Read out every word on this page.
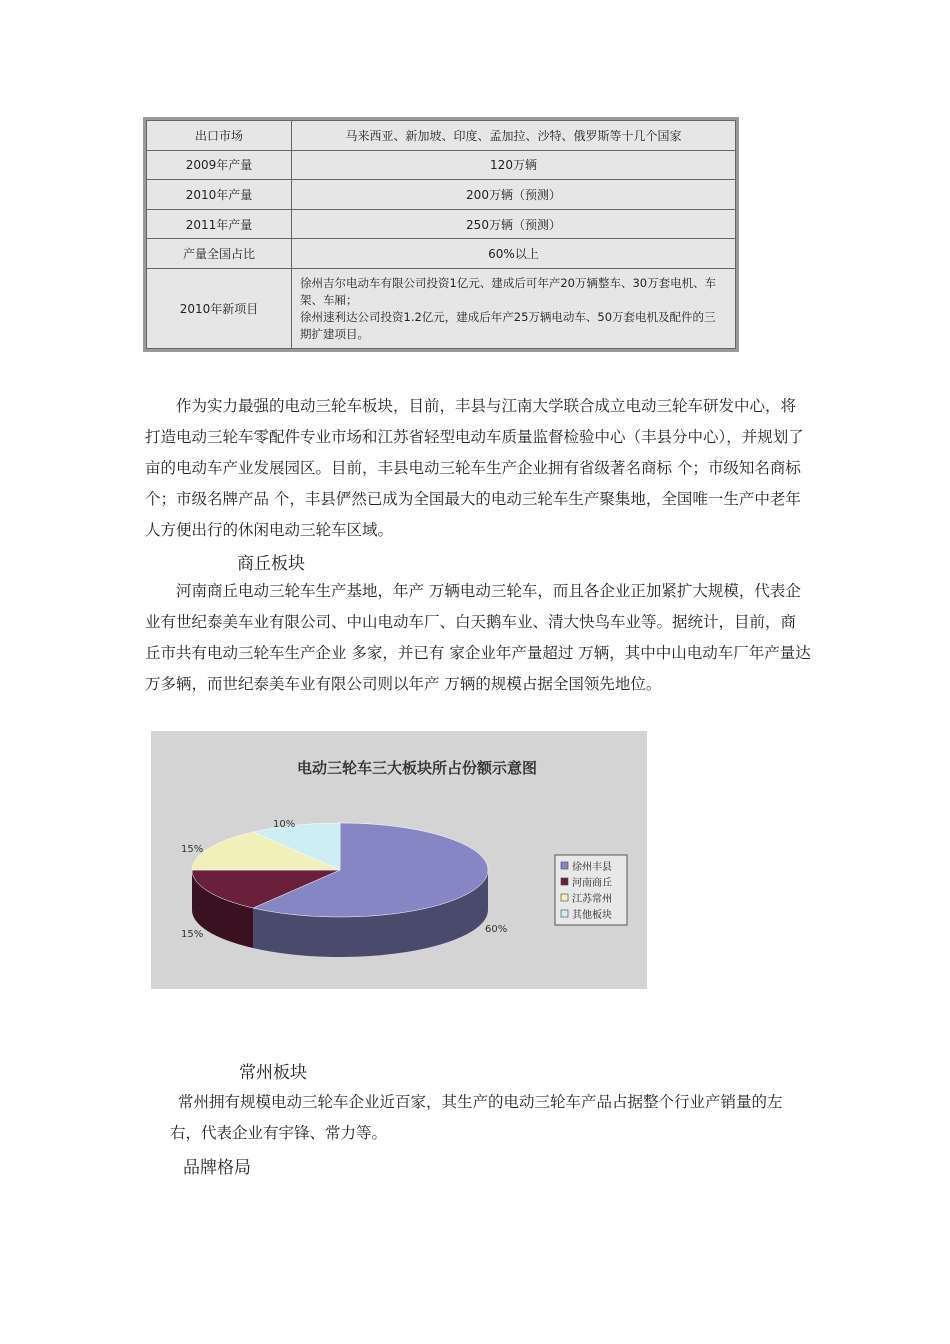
出口市场	马来西亚、新加坡、印度、孟加拉、沙特、俄罗斯等十几个国家
2009年产量	120万辆
2010年产量	200万辆（预测）
2011年产量	250万辆（预测）
产量全国占比	60%以上
2010年新项目	徐州吉尔电动车有限公司投资1亿元、建成后可年产20万辆整车、30万套电机、车架、车厢；
徐州速利达公司投资1.2亿元，建成后年产25万辆电动车、50万套电机及配件的三期扩建项目。

作为实力最强的电动三轮车板块，目前，丰县与江南大学联合成立电动三轮车研发中心，将打造电动三轮车零配件专业市场和江苏省轻型电动车质量监督检验中心（丰县分中心），并规划了 亩的电动车产业发展园区。目前，丰县电动三轮车生产企业拥有省级著名商标 个；市级知名商标 个；市级名牌产品 个，丰县俨然已成为全国最大的电动三轮车生产聚集地，全国唯一生产中老年人方便出行的休闲电动三轮车区域。

商丘板块

河南商丘电动三轮车生产基地，年产 万辆电动三轮车，而且各企业正加紧扩大规模，代表企业有世纪泰美车业有限公司、中山电动车厂、白天鹅车业、清大快鸟车业等。据统计，目前，商丘市共有电动三轮车生产企业 多家，并已有 家企业年产量超过 万辆，其中中山电动车厂年产量达 万多辆，而世纪泰美车业有限公司则以年产 万辆的规模占据全国领先地位。

电动三轮车三大板块所占份额示意图
60%
15%
15%
10%
徐州丰县
河南商丘
江苏常州
其他板块
常州板块

常州拥有规模电动三轮车企业近百家，其生产的电动三轮车产品占据整个行业产销量的左右，代表企业有宇锋、常力等。

品牌格局
